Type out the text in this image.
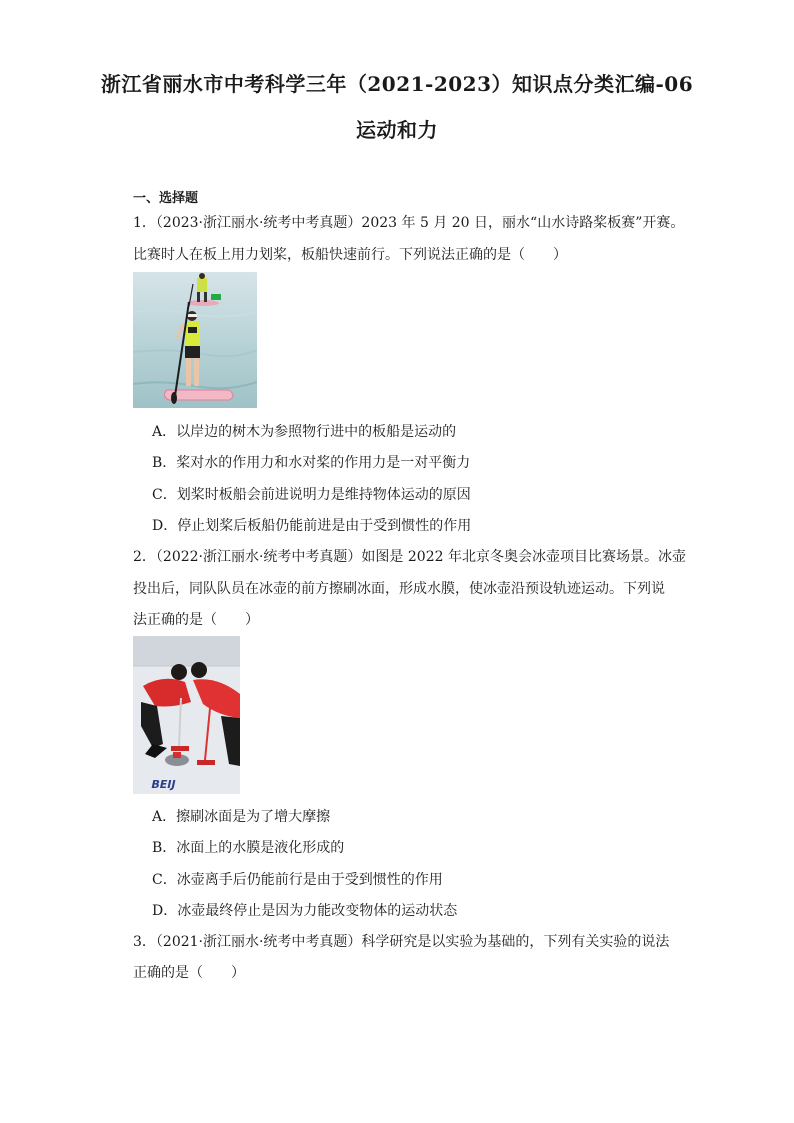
浙江省丽水市中考科学三年（2021-2023）知识点分类汇编-06
运动和力
一、选择题
1．（2023·浙江丽水·统考中考真题）2023 年 5 月 20 日，丽水“山水诗路桨板赛”开赛。
比赛时人在板上用力划桨，板船快速前行。下列说法正确的是（　　）
A．以岸边的树木为参照物行进中的板船是运动的
B．桨对水的作用力和水对桨的作用力是一对平衡力
C．划桨时板船会前进说明力是维持物体运动的原因
D．停止划桨后板船仍能前进是由于受到惯性的作用
2．（2022·浙江丽水·统考中考真题）如图是 2022 年北京冬奥会冰壶项目比赛场景。冰壶
投出后，同队队员在冰壶的前方擦刷冰面，形成水膜，使冰壶沿预设轨迹运动。下列说
法正确的是（　　）
BEIJ
A．擦刷冰面是为了增大摩擦
B．冰面上的水膜是液化形成的
C．冰壶离手后仍能前行是由于受到惯性的作用
D．冰壶最终停止是因为力能改变物体的运动状态
3．（2021·浙江丽水·统考中考真题）科学研究是以实验为基础的，下列有关实验的说法
正确的是（　　）
